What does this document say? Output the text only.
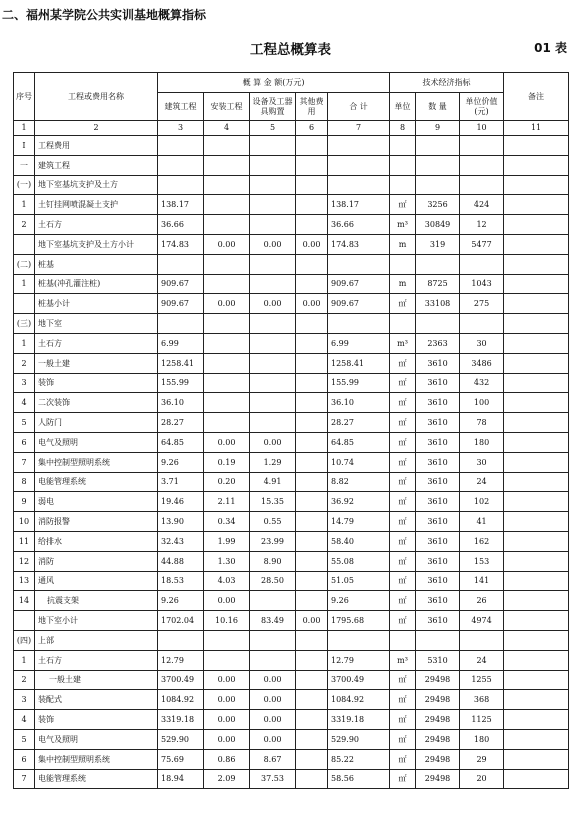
二、福州某学院公共实训基地概算指标
工程总概算表	01 表
序号	工程或费用名称	概 算 金 额(万元)					技术经济指标			备注
		建筑工程	安装工程	设备及工器具购置	其他费用	合 计	单位	数 量	单位价值(元)	
1	2	3	4	5	6	7	8	9	10	11
Ⅰ	工程费用									
一	建筑工程									
(一)	地下室基坑支护及土方									
1	土钉挂网喷混凝土支护	138.17				138.17	㎡	3256	424	
2	土石方	36.66				36.66	m³	30849	12	
	地下室基坑支护及土方小计	174.83	0.00	0.00	0.00	174.83	m	319	5477	
(二)	桩基									
1	桩基(冲孔灌注桩)	909.67				909.67	m	8725	1043	
	桩基小计	909.67	0.00	0.00	0.00	909.67	㎡	33108	275	
(三)	地下室									
1	土石方	6.99				6.99	m³	2363	30	
2	一般土建	1258.41				1258.41	㎡	3610	3486	
3	装饰	155.99				155.99	㎡	3610	432	
4	二次装饰	36.10				36.10	㎡	3610	100	
5	人防门	28.27				28.27	㎡	3610	78	
6	电气及照明	64.85	0.00	0.00		64.85	㎡	3610	180	
7	集中控制型照明系统	9.26	0.19	1.29		10.74	㎡	3610	30	
8	电能管理系统	3.71	0.20	4.91		8.82	㎡	3610	24	
9	弱电	19.46	2.11	15.35		36.92	㎡	3610	102	
10	消防报警	13.90	0.34	0.55		14.79	㎡	3610	41	
11	给排水	32.43	1.99	23.99		58.40	㎡	3610	162	
12	消防	44.88	1.30	8.90		55.08	㎡	3610	153	
13	通风	18.53	4.03	28.50		51.05	㎡	3610	141	
14	抗震支架	9.26	0.00			9.26	㎡	3610	26	
	地下室小计	1702.04	10.16	83.49	0.00	1795.68	㎡	3610	4974	
(四)	上部									
1	土石方	12.79				12.79	m³	5310	24	
2	一般土建	3700.49	0.00	0.00		3700.49	㎡	29498	1255	
3	装配式	1084.92	0.00	0.00		1084.92	㎡	29498	368	
4	装饰	3319.18	0.00	0.00		3319.18	㎡	29498	1125	
5	电气及照明	529.90	0.00	0.00		529.90	㎡	29498	180	
6	集中控制型照明系统	75.69	0.86	8.67		85.22	㎡	29498	29	
7	电能管理系统	18.94	2.09	37.53		58.56	㎡	29498	20	
